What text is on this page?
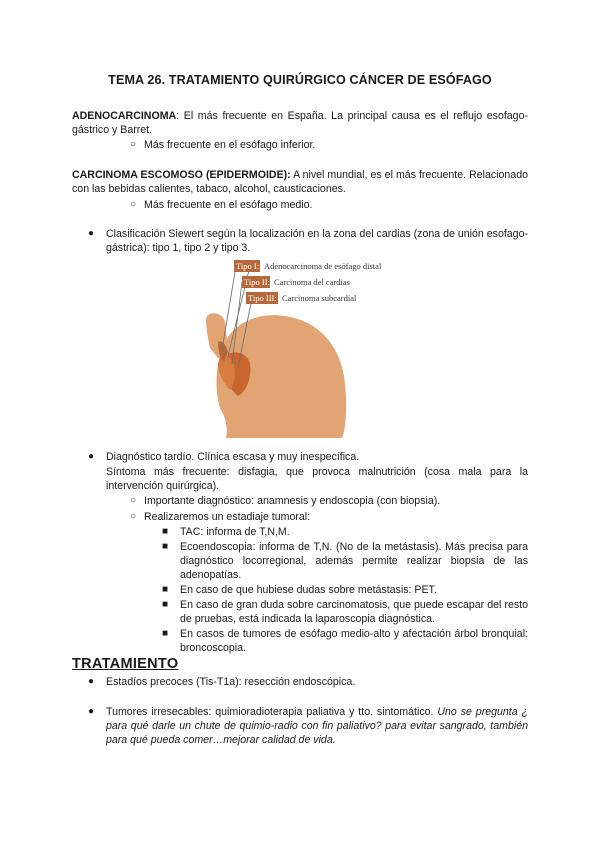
TEMA 26. TRATAMIENTO QUIRÚRGICO CÁNCER DE ESÓFAGO
ADENOCARCINOMA: El más frecuente en España. La principal causa es el reflujo esofago-gástrico y Barret.
○ Más frecuente en el esófago inferior.
CARCINOMA ESCOMOSO (EPIDERMOIDE): A nivel mundial, es el más frecuente. Relacionado con las bebidas calientes, tabaco, alcohol, causticaciones.
○ Más frecuente en el esófago medio.
● Clasificación Siewert según la localización en la zona del cardias (zona de unión esofago-gástrica): tipo 1, tipo 2 y tipo 3.
Tipo I: Adenocarcinoma de esófago distal
Tipo II: Carcinoma del cardias
Tipo III: Carcinoma subcardial
● Diagnóstico tardío. Clínica escasa y muy inespecífica.
Síntoma más frecuente: disfagia, que provoca malnutrición (cosa mala para la intervención quirúrgica).
○ Importante diagnóstico: anamnesis y endoscopia (con biopsia).
○ Realizaremos un estadiaje tumoral:
■ TAC: informa de T,N,M.
■ Ecoendoscopia: informa de T,N. (No de la metástasis). Más precisa para diagnóstico locorregional, además permite realizar biopsia de las adenopatías.
■ En caso de que hubiese dudas sobre metástasis: PET.
■ En caso de gran duda sobre carcinomatosis, que puede escapar del resto de pruebas, está indicada la laparoscopia diagnóstica.
■ En casos de tumores de esófago medio-alto y afectación árbol bronquial: broncoscopia.
TRATAMIENTO
● Estadíos precoces (Tis-T1a): resección endoscópica.
● Tumores irresecables: quimioradioterapia paliativa y tto. sintomático. Uno se pregunta ¿ para qué darle un chute de quimio-radio con fin paliativo? para evitar sangrado, también para qué pueda comer…mejorar calidad de vida.
